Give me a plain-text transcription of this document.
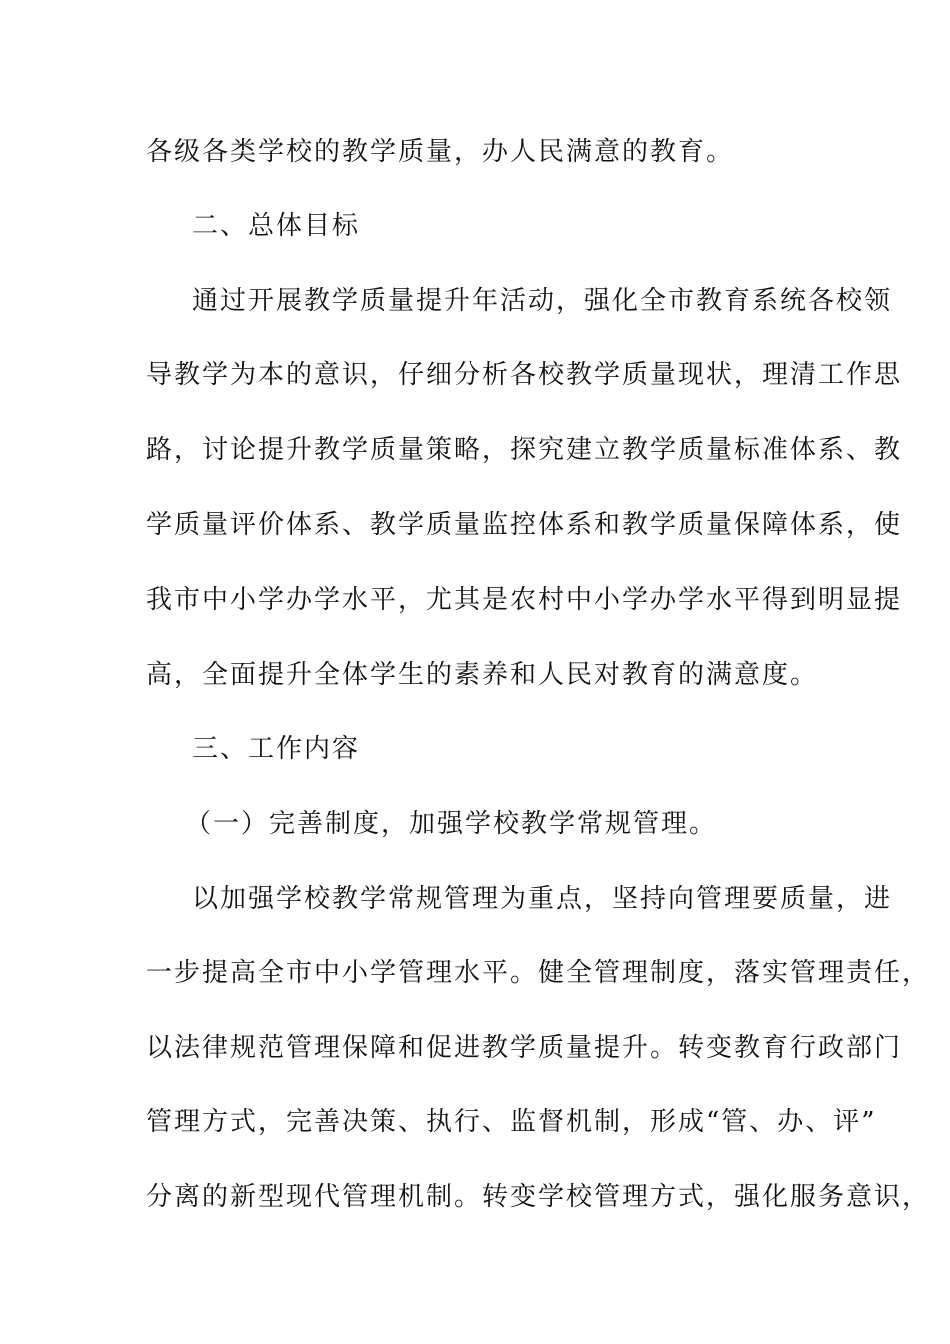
各级各类学校的教学质量，办人民满意的教育。
二、总体目标
通过开展教学质量提升年活动，强化全市教育系统各校领
导教学为本的意识，仔细分析各校教学质量现状，理清工作思
路，讨论提升教学质量策略，探究建立教学质量标准体系、教
学质量评价体系、教学质量监控体系和教学质量保障体系，使
我市中小学办学水平，尤其是农村中小学办学水平得到明显提
高，全面提升全体学生的素养和人民对教育的满意度。
三、工作内容
（一）完善制度，加强学校教学常规管理。
以加强学校教学常规管理为重点，坚持向管理要质量，进
一步提高全市中小学管理水平。健全管理制度，落实管理责任，
以法律规范管理保障和促进教学质量提升。转变教育行政部门
管理方式，完善决策、执行、监督机制，形成“管、办、评”
分离的新型现代管理机制。转变学校管理方式，强化服务意识，
